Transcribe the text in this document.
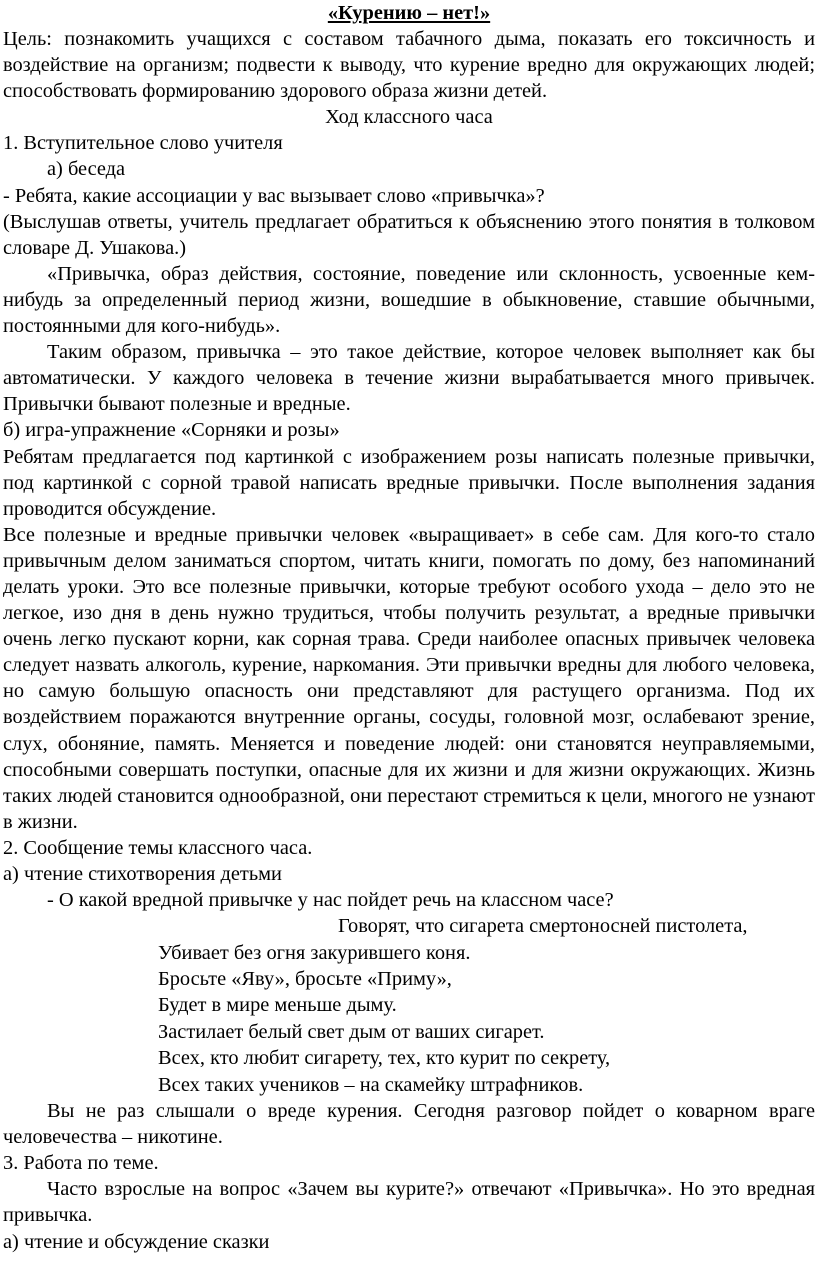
«Курению – нет!»

Цель: познакомить учащихся с составом табачного дыма, показать его токсичность и воздействие на организм; подвести к выводу, что курение вредно для окружающих людей; способствовать формированию здорового образа жизни детей.

Ход классного часа

1. Вступительное слово учителя

а) беседа

- Ребята, какие ассоциации у вас вызывает слово «привычка»?

(Выслушав ответы, учитель предлагает обратиться к объяснению этого понятия в толковом словаре Д. Ушакова.)

«Привычка, образ действия, состояние, поведение или склонность, усвоенные кем-нибудь за определенный период жизни, вошедшие в обыкновение, ставшие обычными, постоянными для кого-нибудь».

Таким образом, привычка – это такое действие, которое человек выполняет как бы автоматически. У каждого человека в течение жизни вырабатывается много привычек. Привычки бывают полезные и вредные.

б) игра-упражнение «Сорняки и розы»

Ребятам предлагается под картинкой с изображением розы написать полезные привычки, под картинкой с сорной травой написать вредные привычки. После выполнения задания проводится обсуждение.

Все полезные и вредные привычки человек «выращивает» в себе сам. Для кого-то стало привычным делом заниматься спортом, читать книги, помогать по дому, без напоминаний делать уроки. Это все полезные привычки, которые требуют особого ухода – дело это не легкое, изо дня в день нужно трудиться, чтобы получить результат, а вредные привычки очень легко пускают корни, как сорная трава. Среди наиболее опасных привычек человека следует назвать алкоголь, курение, наркомания. Эти привычки вредны для любого человека, но самую большую опасность они представляют для растущего организма. Под их воздействием поражаются внутренние органы, сосуды, головной мозг, ослабевают зрение, слух, обоняние, память. Меняется и поведение людей: они становятся неуправляемыми, способными совершать поступки, опасные для их жизни и для жизни окружающих. Жизнь таких людей становится однообразной, они перестают стремиться к цели, многого не узнают в жизни.

2. Сообщение темы классного часа.

а) чтение стихотворения детьми

- О какой вредной привычке у нас пойдет речь на классном часе?

Говорят, что сигарета смертоносней пистолета,

Убивает без огня закурившего коня.

Бросьте «Яву», бросьте «Приму»,

Будет в мире меньше дыму.

Застилает белый свет дым от ваших сигарет.

Всех, кто любит сигарету, тех, кто курит по секрету,

Всех таких учеников – на скамейку штрафников.

Вы не раз слышали о вреде курения. Сегодня разговор пойдет о коварном враге человечества – никотине.

3. Работа по теме.

Часто взрослые на вопрос «Зачем вы курите?» отвечают «Привычка». Но это вредная привычка.

а) чтение и обсуждение сказки
